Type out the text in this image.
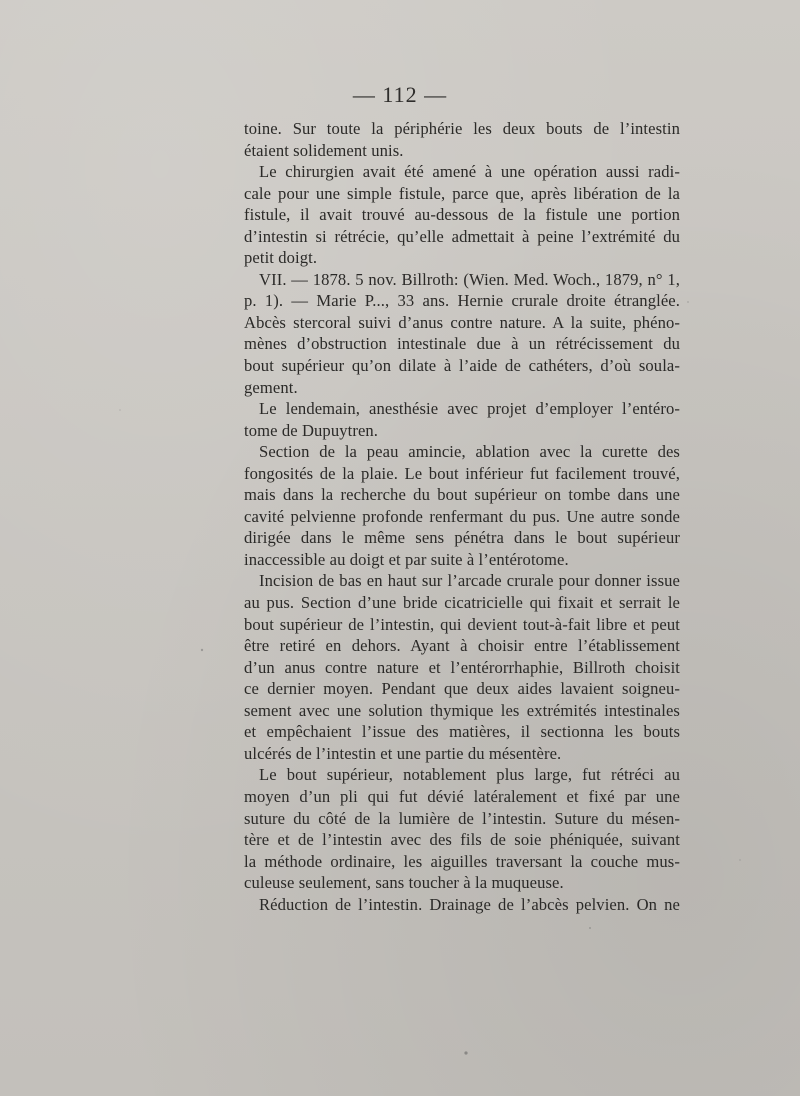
— 112 —
toine. Sur toute la périphérie les deux bouts de l’intestin
étaient solidement unis.
Le chirurgien avait été amené à une opération aussi radi-
cale pour une simple fistule, parce que, après libération de la
fistule, il avait trouvé au-dessous de la fistule une portion
d’intestin si rétrécie, qu’elle admettait à peine l’extrémité du
petit doigt.
VII. — 1878. 5 nov. Billroth: (Wien. Med. Woch., 1879, n° 1,
p. 1). — Marie P..., 33 ans. Hernie crurale droite étranglée.
Abcès stercoral suivi d’anus contre nature. A la suite, phéno-
mènes d’obstruction intestinale due à un rétrécissement du
bout supérieur qu’on dilate à l’aide de cathéters, d’où soula-
gement.
Le lendemain, anesthésie avec projet d’employer l’entéro-
tome de Dupuytren.
Section de la peau amincie, ablation avec la curette des
fongosités de la plaie. Le bout inférieur fut facilement trouvé,
mais dans la recherche du bout supérieur on tombe dans une
cavité pelvienne profonde renfermant du pus. Une autre sonde
dirigée dans le même sens pénétra dans le bout supérieur
inaccessible au doigt et par suite à l’entérotome.
Incision de bas en haut sur l’arcade crurale pour donner issue
au pus. Section d’une bride cicatricielle qui fixait et serrait le
bout supérieur de l’intestin, qui devient tout-à-fait libre et peut
être retiré en dehors. Ayant à choisir entre l’établissement
d’un anus contre nature et l’entérorrhaphie, Billroth choisit
ce dernier moyen. Pendant que deux aides lavaient soigneu-
sement avec une solution thymique les extrémités intestinales
et empêchaient l’issue des matières, il sectionna les bouts
ulcérés de l’intestin et une partie du mésentère.
Le bout supérieur, notablement plus large, fut rétréci au
moyen d’un pli qui fut dévié latéralement et fixé par une
suture du côté de la lumière de l’intestin. Suture du mésen-
tère et de l’intestin avec des fils de soie phéniquée, suivant
la méthode ordinaire, les aiguilles traversant la couche mus-
culeuse seulement, sans toucher à la muqueuse.
Réduction de l’intestin. Drainage de l’abcès pelvien. On ne
